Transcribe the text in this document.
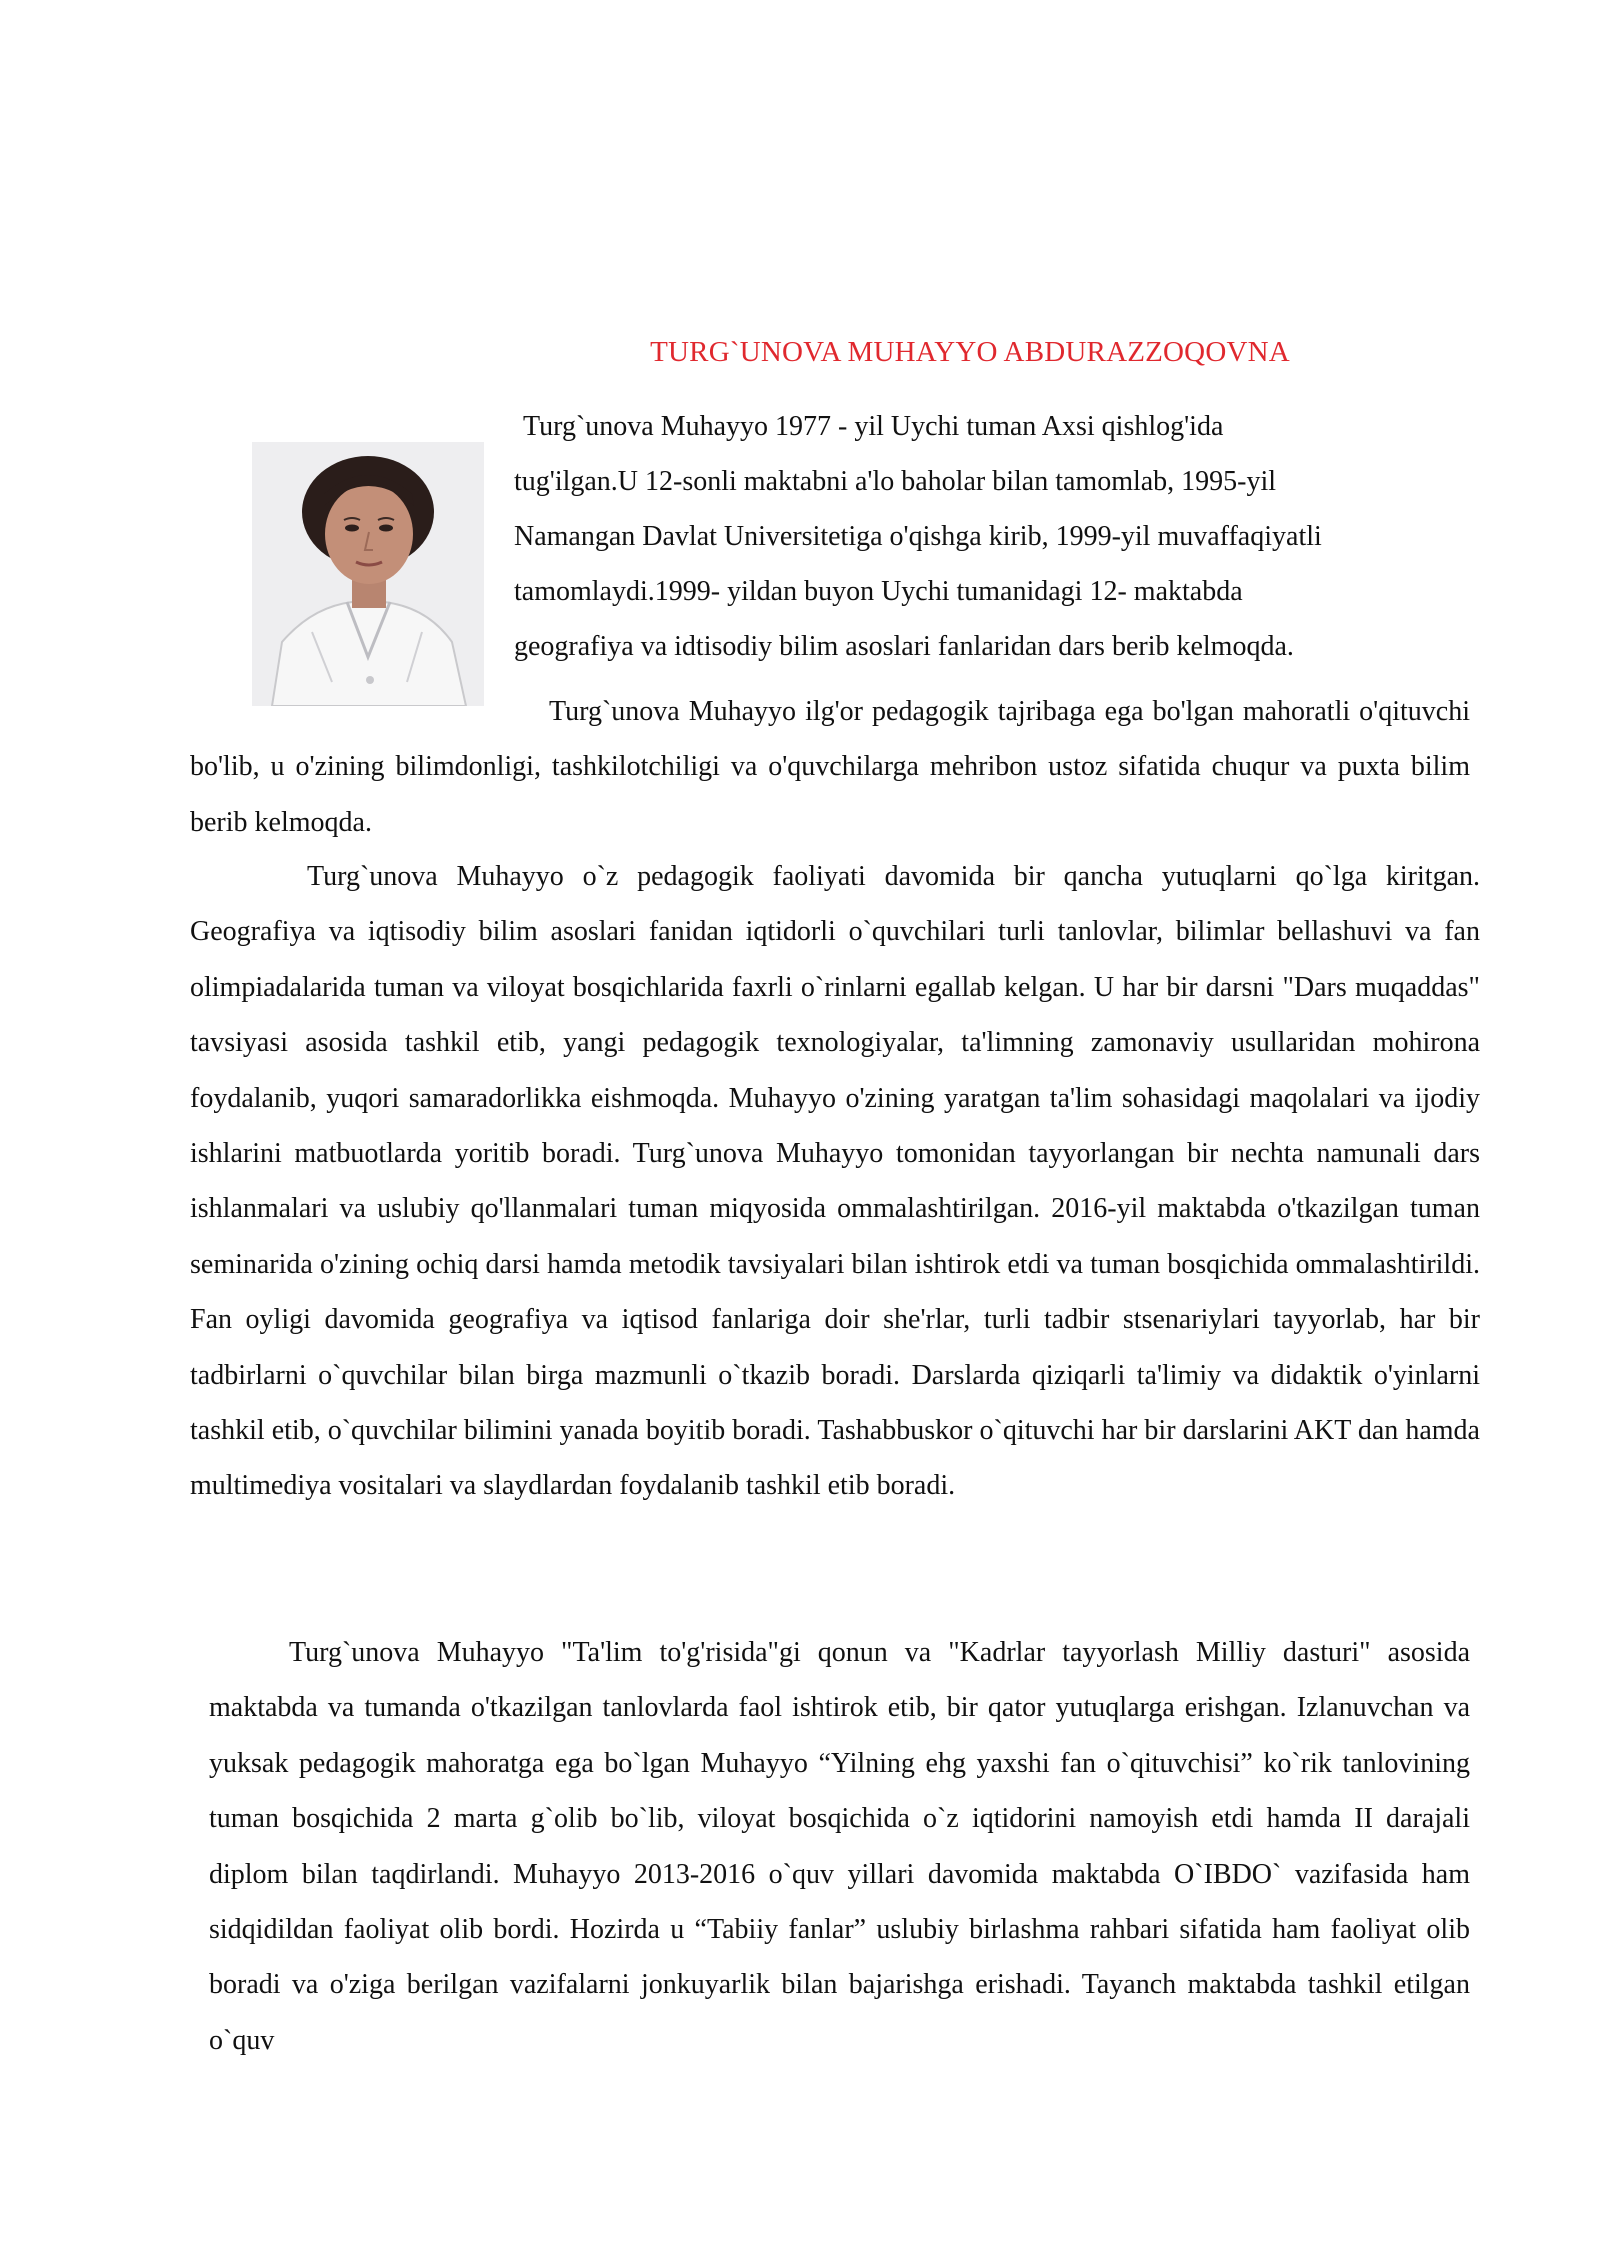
TURG`UNOVA MUHAYYO ABDURAZZOQOVNA
Turg`unova Muhayyo 1977 - yil Uychi tuman Axsi qishlog'ida
tug'ilgan.U 12-sonli maktabni a'lo baholar bilan tamomlab, 1995-yil
Namangan Davlat Universitetiga o'qishga kirib, 1999-yil muvaffaqiyatli
tamomlaydi.1999- yildan buyon Uychi tumanidagi 12- maktabda
geografiya va idtisodiy bilim asoslari fanlaridan dars berib kelmoqda.
Turg`unova Muhayyo ilg'or pedagogik tajribaga ega bo'lgan mahoratli o'qituvchi bo'lib, u o'zining bilimdonligi, tashkilotchiligi va o'quvchilarga mehribon ustoz sifatida chuqur va puxta bilim berib kelmoqda.
Turg`unova Muhayyo o`z pedagogik faoliyati davomida bir qancha yutuqlarni qo`lga kiritgan. Geografiya va iqtisodiy bilim asoslari fanidan iqtidorli o`quvchilari turli tanlovlar, bilimlar bellashuvi va fan olimpiadalarida tuman va viloyat bosqichlarida faxrli o`rinlarni egallab kelgan. U har bir darsni "Dars muqaddas" tavsiyasi asosida tashkil etib, yangi pedagogik texnologiyalar, ta'limning zamonaviy usullaridan mohirona foydalanib, yuqori samaradorlikka eishmoqda. Muhayyo o'zining yaratgan ta'lim sohasidagi maqolalari va ijodiy ishlarini matbuotlarda yoritib boradi. Turg`unova Muhayyo tomonidan tayyorlangan bir nechta namunali dars ishlanmalari va uslubiy qo'llanmalari tuman miqyosida ommalashtirilgan. 2016-yil maktabda o'tkazilgan tuman seminarida o'zining ochiq darsi hamda metodik tavsiyalari bilan ishtirok etdi va tuman bosqichida ommalashtirildi. Fan oyligi davomida geografiya va iqtisod fanlariga doir she'rlar, turli tadbir stsenariylari tayyorlab, har bir tadbirlarni o`quvchilar bilan birga mazmunli o`tkazib boradi. Darslarda qiziqarli ta'limiy va didaktik o'yinlarni tashkil etib, o`quvchilar bilimini yanada boyitib boradi. Tashabbuskor o`qituvchi har bir darslarini AKT dan hamda multimediya vositalari va slaydlardan foydalanib tashkil etib boradi.
Turg`unova Muhayyo "Ta'lim to'g'risida"gi qonun va "Kadrlar tayyorlash Milliy dasturi" asosida maktabda va tumanda o'tkazilgan tanlovlarda faol ishtirok etib, bir qator yutuqlarga erishgan. Izlanuvchan va yuksak pedagogik mahoratga ega bo`lgan Muhayyo “Yilning ehg yaxshi fan o`qituvchisi” ko`rik tanlovining tuman bosqichida 2 marta g`olib bo`lib, viloyat bosqichida o`z iqtidorini namoyish etdi hamda II darajali diplom bilan taqdirlandi. Muhayyo 2013-2016 o`quv yillari davomida maktabda O`IBDO` vazifasida ham sidqidildan faoliyat olib bordi. Hozirda u “Tabiiy fanlar” uslubiy birlashma rahbari sifatida ham faoliyat olib boradi va o'ziga berilgan vazifalarni jonkuyarlik bilan bajarishga erishadi. Tayanch maktabda tashkil etilgan o`quv
